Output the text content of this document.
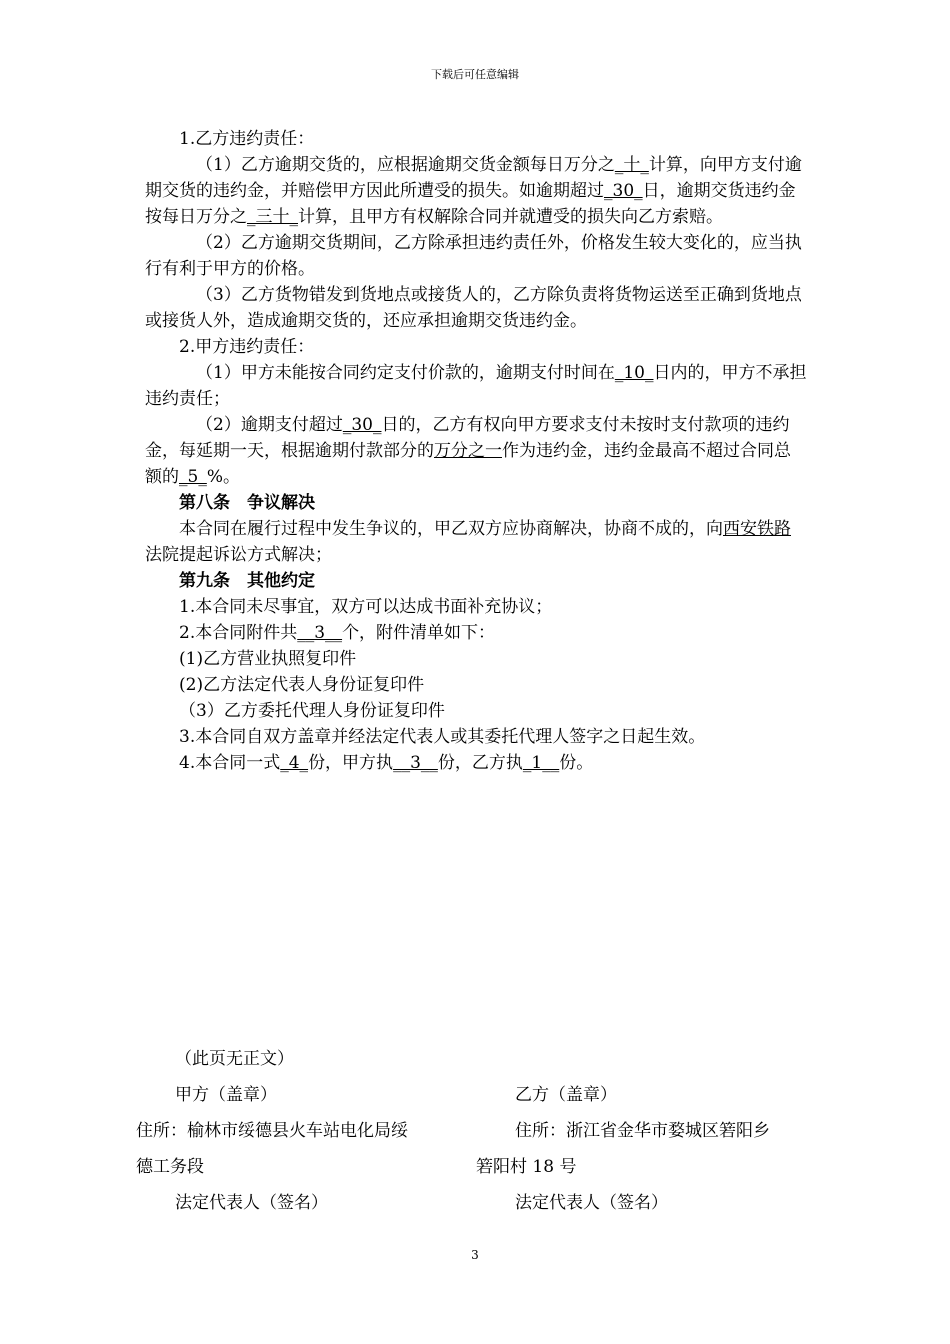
下载后可任意编辑

1.乙方违约责任：

（1）乙方逾期交货的，应根据逾期交货金额每日万分之_十_计算，向甲方支付逾期交货的违约金，并赔偿甲方因此所遭受的损失。如逾期超过_30_日，逾期交货违约金按每日万分之_三十_计算，且甲方有权解除合同并就遭受的损失向乙方索赔。

（2）乙方逾期交货期间，乙方除承担违约责任外，价格发生较大变化的，应当执行有利于甲方的价格。

（3）乙方货物错发到货地点或接货人的，乙方除负责将货物运送至正确到货地点或接货人外，造成逾期交货的，还应承担逾期交货违约金。

2.甲方违约责任：

（1）甲方未能按合同约定支付价款的，逾期支付时间在_10_日内的，甲方不承担违约责任；

（2）逾期支付超过_30_日的，乙方有权向甲方要求支付未按时支付款项的违约金，每延期一天，根据逾期付款部分的万分之一作为违约金，违约金最高不超过合同总额的_5_%。

第八条　争议解决

本合同在履行过程中发生争议的，甲乙双方应协商解决，协商不成的，向西安铁路法院提起诉讼方式解决；

第九条　其他约定

1.本合同未尽事宜，双方可以达成书面补充协议；

2.本合同附件共__3__个，附件清单如下：

(1)乙方营业执照复印件

(2)乙方法定代表人身份证复印件

（3）乙方委托代理人身份证复印件

3.本合同自双方盖章并经法定代表人或其委托代理人签字之日起生效。

4.本合同一式_4_份，甲方执__3__份，乙方执_1__份。

（此页无正文）
甲方（盖章）	乙方（盖章）
住所：榆林市绥德县火车站电化局绥	住所：浙江省金华市婺城区箬阳乡
德工务段	箬阳村 18 号
法定代表人（签名）	法定代表人（签名）
3
